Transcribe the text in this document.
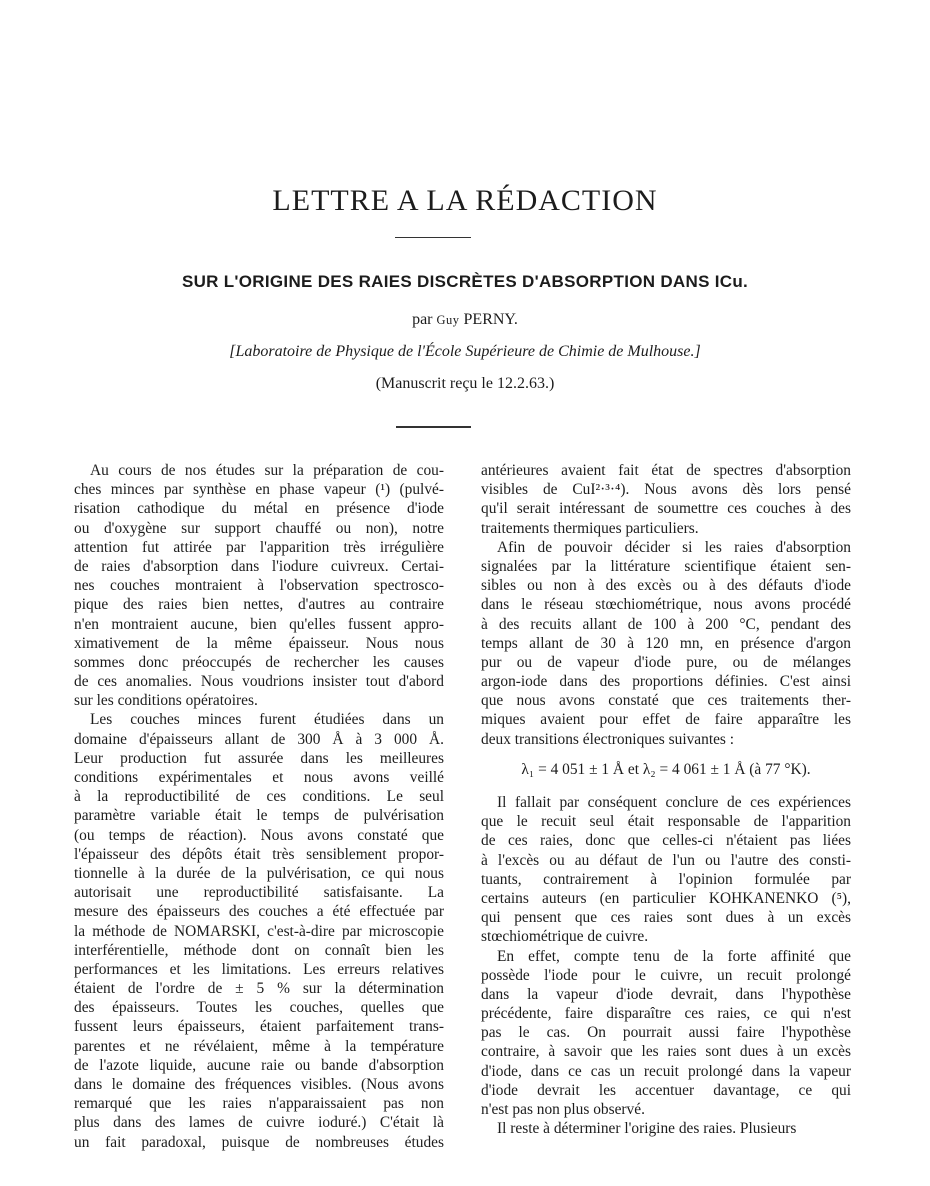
LETTRE A LA RÉDACTION
SUR L'ORIGINE DES RAIES DISCRÈTES D'ABSORPTION DANS ICu.
par Guy PERNY.
[Laboratoire de Physique de l'École Supérieure de Chimie de Mulhouse.]
(Manuscrit reçu le 12.2.63.)
Au cours de nos études sur la préparation de cou-
ches minces par synthèse en phase vapeur (¹) (pulvé-
risation cathodique du métal en présence d'iode
ou d'oxygène sur support chauffé ou non), notre
attention fut attirée par l'apparition très irrégulière
de raies d'absorption dans l'iodure cuivreux. Certai-
nes couches montraient à l'observation spectrosco-
pique des raies bien nettes, d'autres au contraire
n'en montraient aucune, bien qu'elles fussent appro-
ximativement de la même épaisseur. Nous nous
sommes donc préoccupés de rechercher les causes
de ces anomalies. Nous voudrions insister tout d'abord
sur les conditions opératoires.
Les couches minces furent étudiées dans un
domaine d'épaisseurs allant de 300 Å à 3 000 Å.
Leur production fut assurée dans les meilleures
conditions expérimentales et nous avons veillé
à la reproductibilité de ces conditions. Le seul
paramètre variable était le temps de pulvérisation
(ou temps de réaction). Nous avons constaté que
l'épaisseur des dépôts était très sensiblement propor-
tionnelle à la durée de la pulvérisation, ce qui nous
autorisait une reproductibilité satisfaisante. La
mesure des épaisseurs des couches a été effectuée par
la méthode de NOMARSKI, c'est-à-dire par microscopie
interférentielle, méthode dont on connaît bien les
performances et les limitations. Les erreurs relatives
étaient de l'ordre de ± 5 % sur la détermination
des épaisseurs. Toutes les couches, quelles que
fussent leurs épaisseurs, étaient parfaitement trans-
parentes et ne révélaient, même à la température
de l'azote liquide, aucune raie ou bande d'absorption
dans le domaine des fréquences visibles. (Nous avons
remarqué que les raies n'apparaissaient pas non
plus dans des lames de cuivre ioduré.) C'était là
un fait paradoxal, puisque de nombreuses études
antérieures avaient fait état de spectres d'absorption
visibles de CuI²·³·⁴). Nous avons dès lors pensé
qu'il serait intéressant de soumettre ces couches à des
traitements thermiques particuliers.
Afin de pouvoir décider si les raies d'absorption
signalées par la littérature scientifique étaient sen-
sibles ou non à des excès ou à des défauts d'iode
dans le réseau stœchiométrique, nous avons procédé
à des recuits allant de 100 à 200 °C, pendant des
temps allant de 30 à 120 mn, en présence d'argon
pur ou de vapeur d'iode pure, ou de mélanges
argon-iode dans des proportions définies. C'est ainsi
que nous avons constaté que ces traitements ther-
miques avaient pour effet de faire apparaître les
deux transitions électroniques suivantes :
λ₁ = 4 051 ± 1 Å et λ₂ = 4 061 ± 1 Å (à 77 °K).
Il fallait par conséquent conclure de ces expériences
que le recuit seul était responsable de l'apparition
de ces raies, donc que celles-ci n'étaient pas liées
à l'excès ou au défaut de l'un ou l'autre des consti-
tuants, contrairement à l'opinion formulée par
certains auteurs (en particulier KOHKANENKO (⁵),
qui pensent que ces raies sont dues à un excès
stœchiométrique de cuivre.
En effet, compte tenu de la forte affinité que
possède l'iode pour le cuivre, un recuit prolongé
dans la vapeur d'iode devrait, dans l'hypothèse
précédente, faire disparaître ces raies, ce qui n'est
pas le cas. On pourrait aussi faire l'hypothèse
contraire, à savoir que les raies sont dues à un excès
d'iode, dans ce cas un recuit prolongé dans la vapeur
d'iode devrait les accentuer davantage, ce qui
n'est pas non plus observé.
Il reste à déterminer l'origine des raies. Plusieurs
